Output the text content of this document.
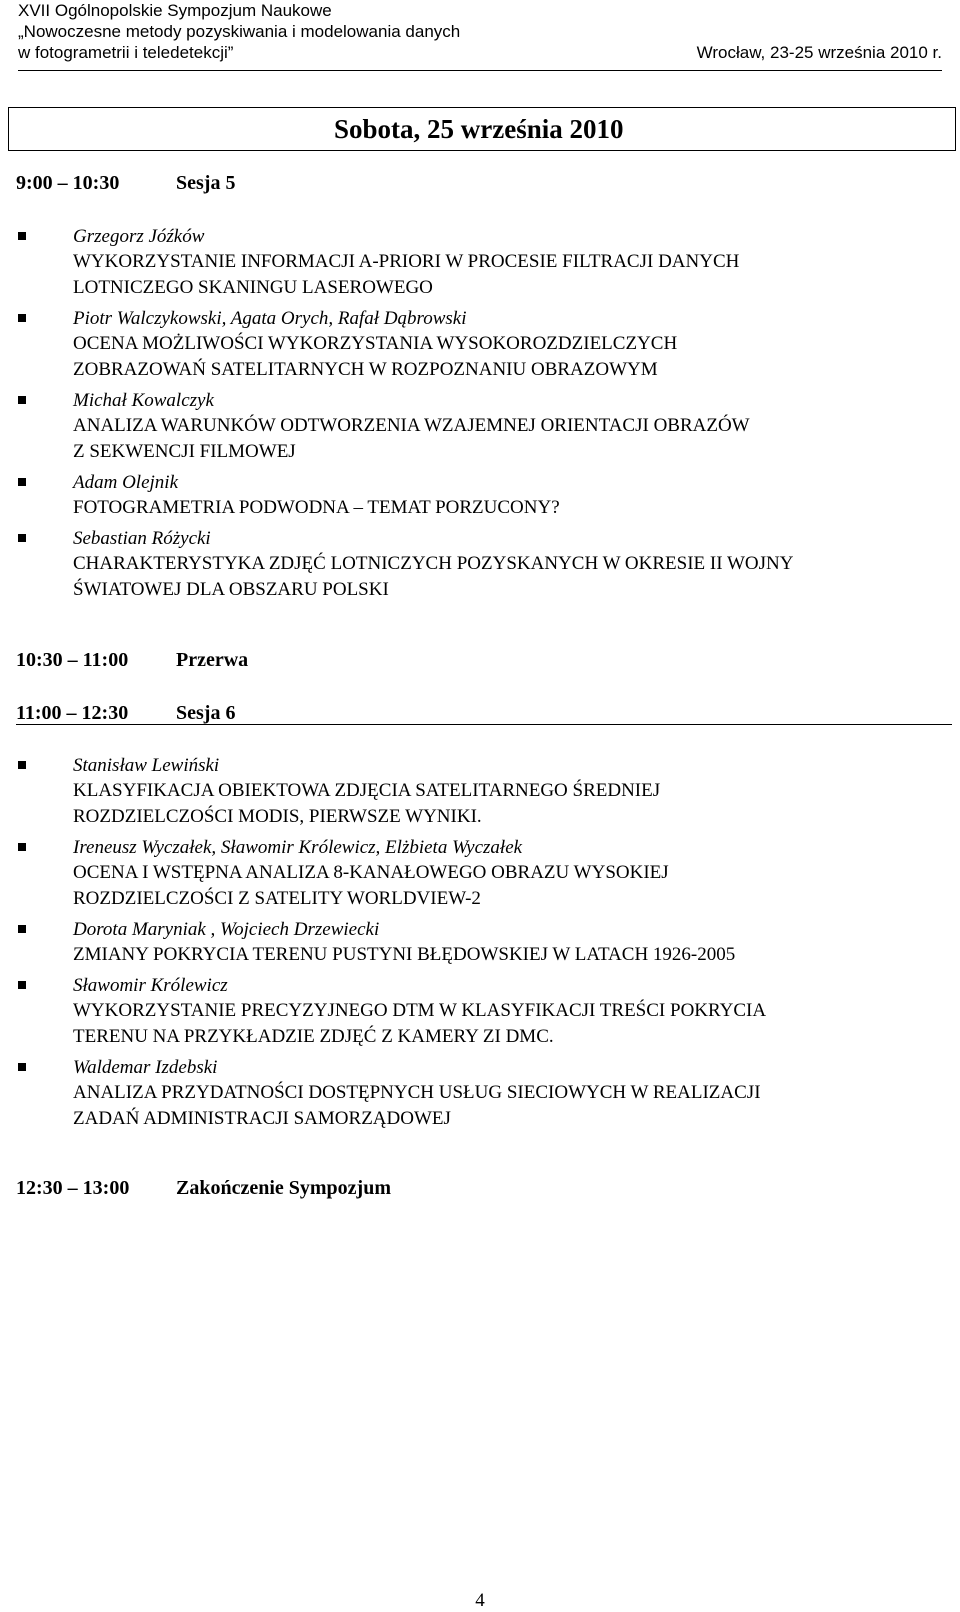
XVII Ogólnopolskie Sympozjum Naukowe
„Nowoczesne metody pozyskiwania i modelowania danych
w fotogrametrii i teledetekcji”	Wrocław, 23-25 września 2010 r.
Sobota, 25 września 2010
9:00 – 10:30	Sesja 5
Grzegorz Jóźków
WYKORZYSTANIE INFORMACJI A-PRIORI W PROCESIE FILTRACJI DANYCH
LOTNICZEGO SKANINGU LASEROWEGO
Piotr Walczykowski, Agata Orych, Rafał Dąbrowski
OCENA MOŻLIWOŚCI WYKORZYSTANIA WYSOKOROZDZIELCZYCH
ZOBRAZOWAŃ SATELITARNYCH W ROZPOZNANIU OBRAZOWYM
Michał Kowalczyk
ANALIZA WARUNKÓW ODTWORZENIA WZAJEMNEJ ORIENTACJI OBRAZÓW
Z SEKWENCJI FILMOWEJ
Adam Olejnik
FOTOGRAMETRIA PODWODNA – TEMAT PORZUCONY?
Sebastian Różycki
CHARAKTERYSTYKA ZDJĘĆ LOTNICZYCH POZYSKANYCH W OKRESIE II WOJNY
ŚWIATOWEJ DLA OBSZARU POLSKI
10:30 – 11:00 Przerwa
11:00 – 12:30 Sesja 6
Stanisław Lewiński
KLASYFIKACJA OBIEKTOWA ZDJĘCIA SATELITARNEGO ŚREDNIEJ
ROZDZIELCZOŚCI MODIS, PIERWSZE WYNIKI.
Ireneusz Wyczałek, Sławomir Królewicz, Elżbieta Wyczałek
OCENA I WSTĘPNA ANALIZA 8-KANAŁOWEGO OBRAZU WYSOKIEJ
ROZDZIELCZOŚCI Z SATELITY WORLDVIEW-2
Dorota Maryniak , Wojciech Drzewiecki
ZMIANY POKRYCIA TERENU PUSTYNI BŁĘDOWSKIEJ W LATACH 1926-2005
Sławomir Królewicz
WYKORZYSTANIE PRECYZYJNEGO DTM W KLASYFIKACJI TREŚCI POKRYCIA
TERENU NA PRZYKŁADZIE ZDJĘĆ Z KAMERY ZI DMC.
Waldemar Izdebski
ANALIZA PRZYDATNOŚCI DOSTĘPNYCH USŁUG SIECIOWYCH W REALIZACJI
ZADAŃ ADMINISTRACJI SAMORZĄDOWEJ
12:30 – 13:00 Zakończenie Sympozjum
4
